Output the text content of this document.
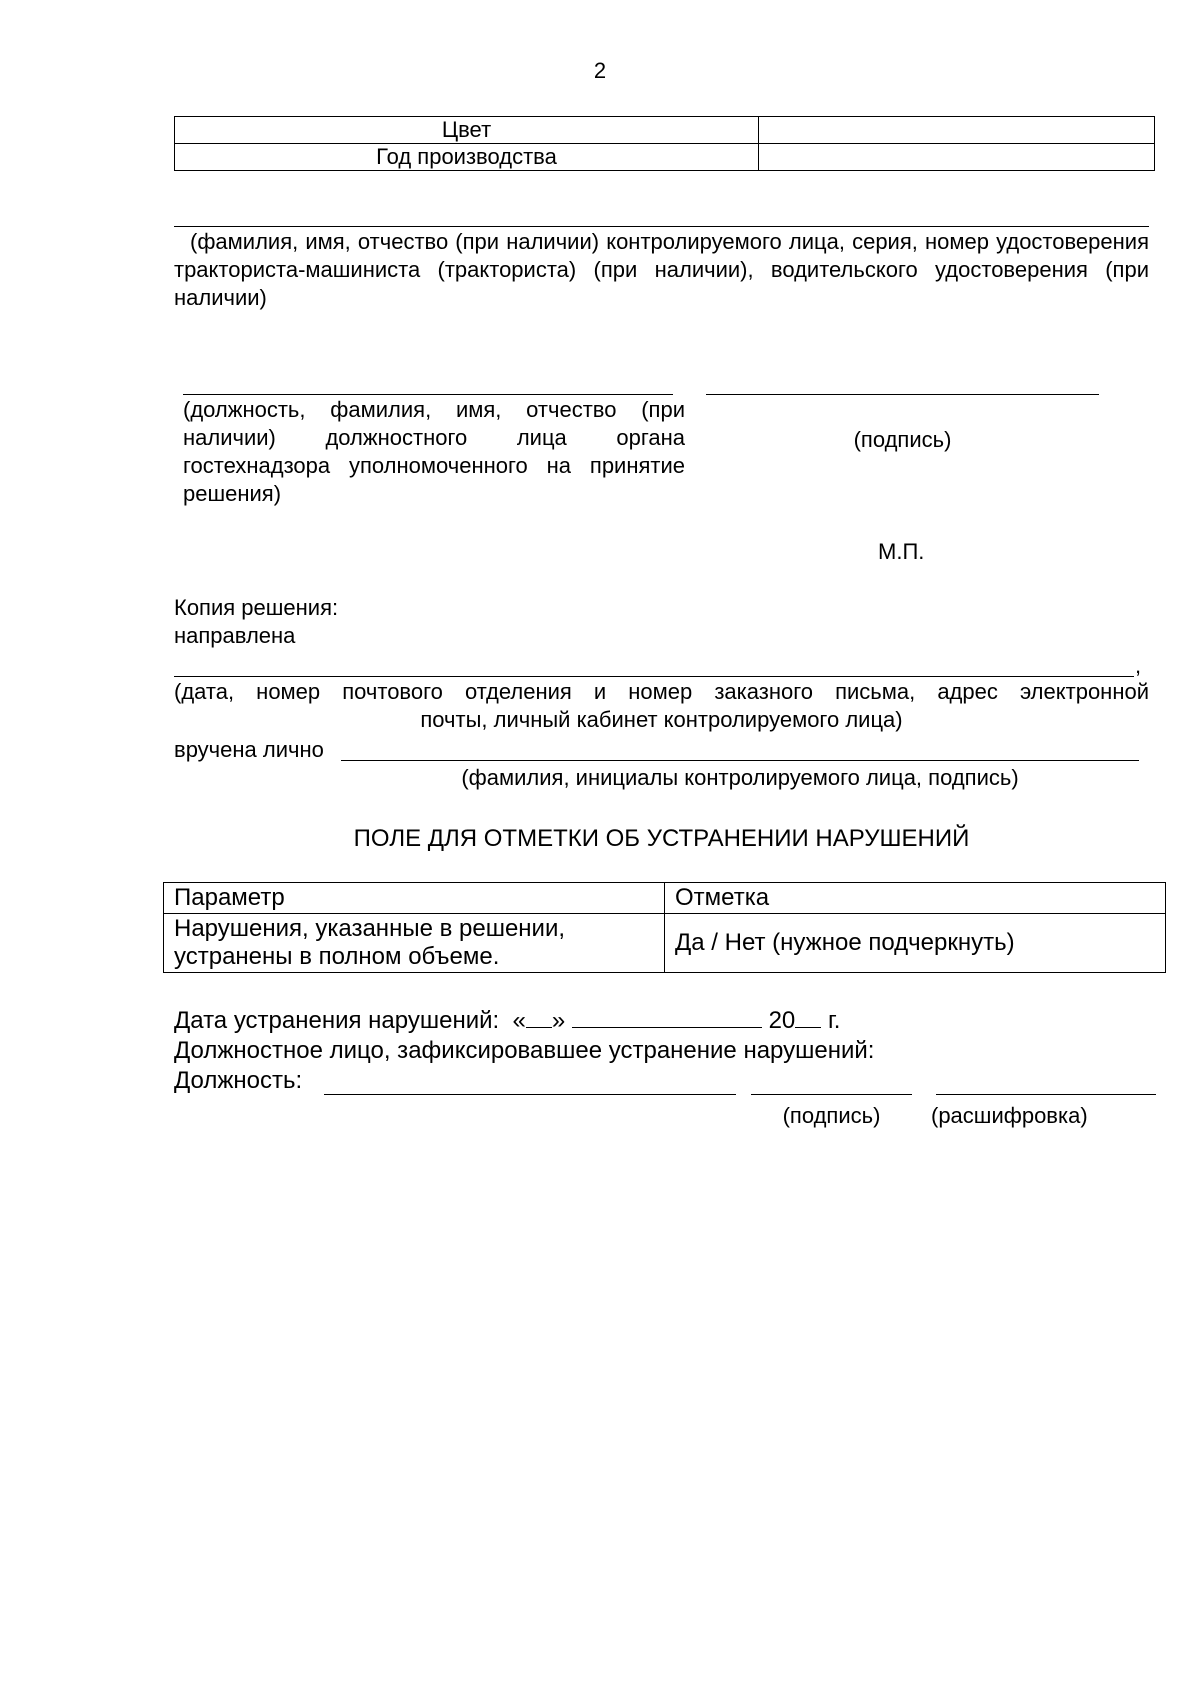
2
Цвет	
Год производства	
(фамилия, имя, отчество (при наличии) контролируемого лица, серия, номер удостоверения тракториста-машиниста (тракториста) (при наличии), водительского удостоверения (при наличии)
(должность, фамилия, имя, отчество (при наличии) должностного лица органа гостехнадзора уполномоченного на принятие решения)
(подпись)
М.П.
Копия решения:
направлена
,
(дата, номер почтового отделения и номер заказного письма, адрес электронной
почты, личный кабинет контролируемого лица)
вручена лично
(фамилия, инициалы контролируемого лица, подпись)
ПОЛЕ ДЛЯ ОТМЕТКИ ОБ УСТРАНЕНИИ НАРУШЕНИЙ
Параметр	Отметка

Нарушения, указанные в решении,
устранены в полном объеме.	Да / Нет (нужное подчеркнуть)
Дата устранения нарушений: « »	20 г.
Должностное лицо, зафиксировавшее устранение нарушений:
Должность:
(подпись)	(расшифровка)
